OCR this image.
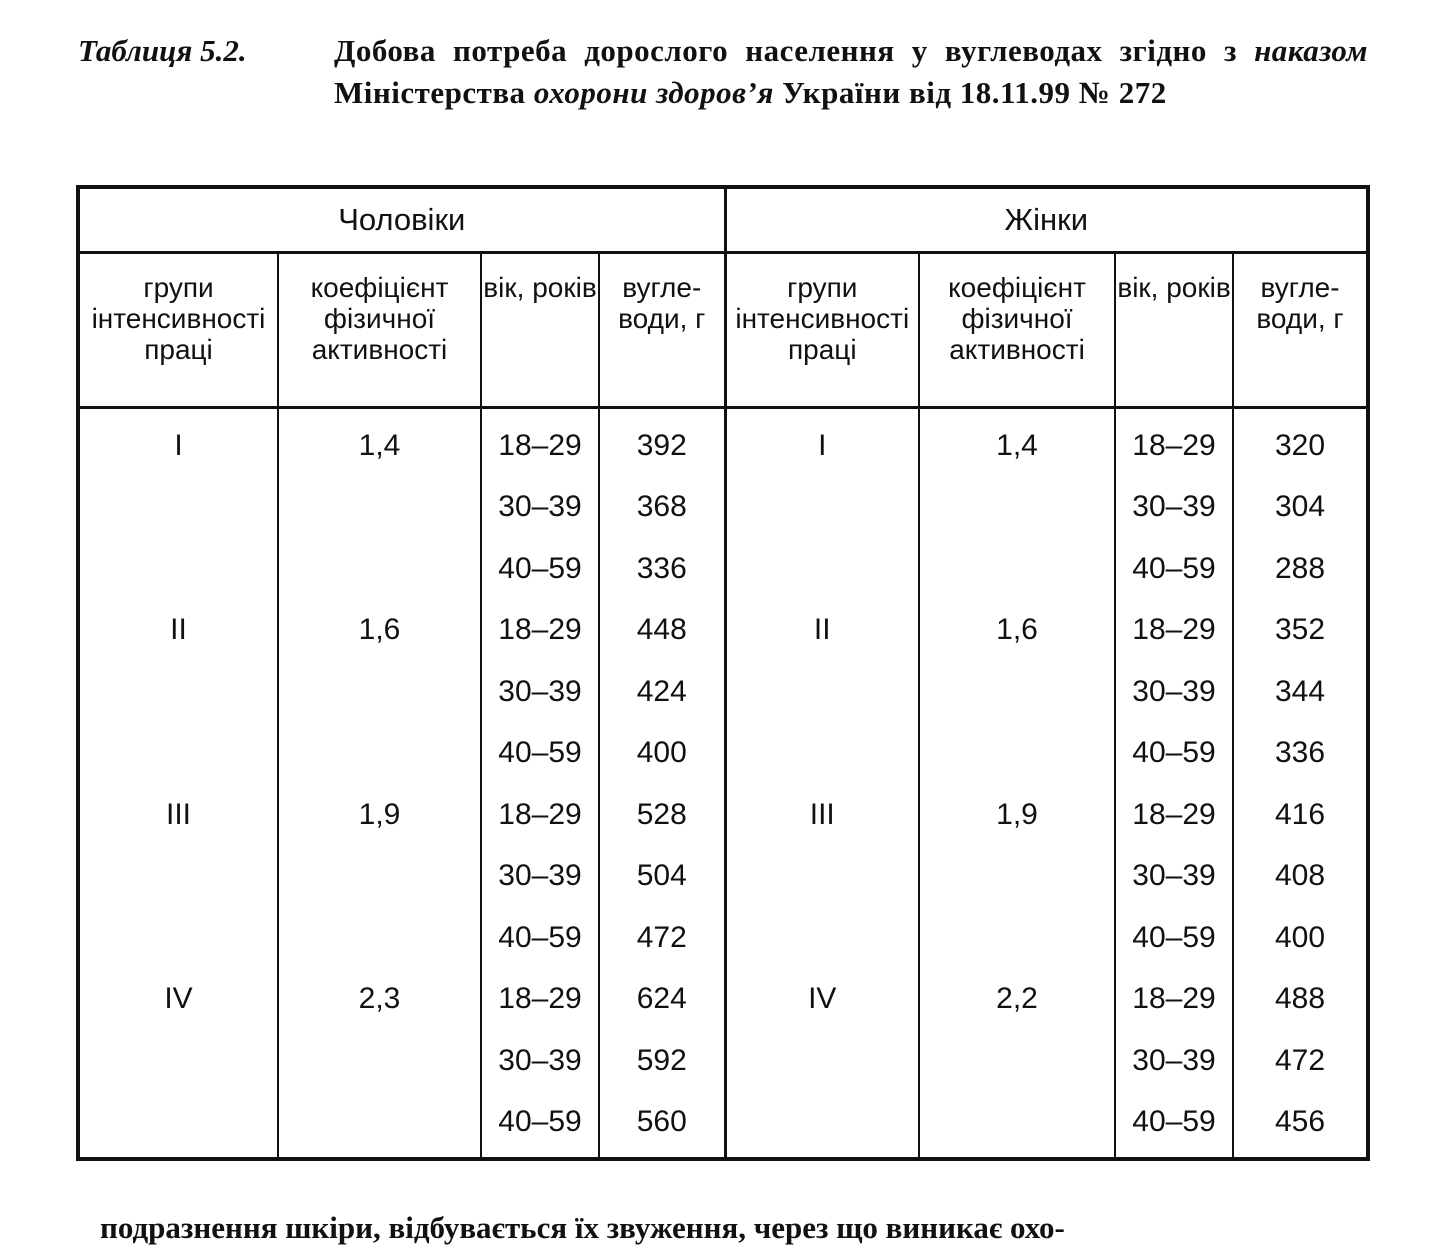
Таблиця 5.2.	Добова потреба дорослого населення у вуглеводах згідно з наказом Міністерства охорони здоров’я України від 18.11.99 № 272
Чоловіки				Жінки			
групи інтенсивності праці	коефіцієнт фізичної активності	вік, років	вуглеводи, г	групи інтенсивності праці	коефіцієнт фізичної активності	вік, років	вуглеводи, г
I	1,4	18–29	392	I	1,4	18–29	320
		30–39	368			30–39	304
		40–59	336			40–59	288
II	1,6	18–29	448	II	1,6	18–29	352
		30–39	424			30–39	344
		40–59	400			40–59	336
III	1,9	18–29	528	III	1,9	18–29	416
		30–39	504			30–39	408
		40–59	472			40–59	400
IV	2,3	18–29	624	IV	2,2	18–29	488
		30–39	592			30–39	472
		40–59	560			40–59	456
подразнення шкіри, відбувається їх звуження, через що виникає охо-
